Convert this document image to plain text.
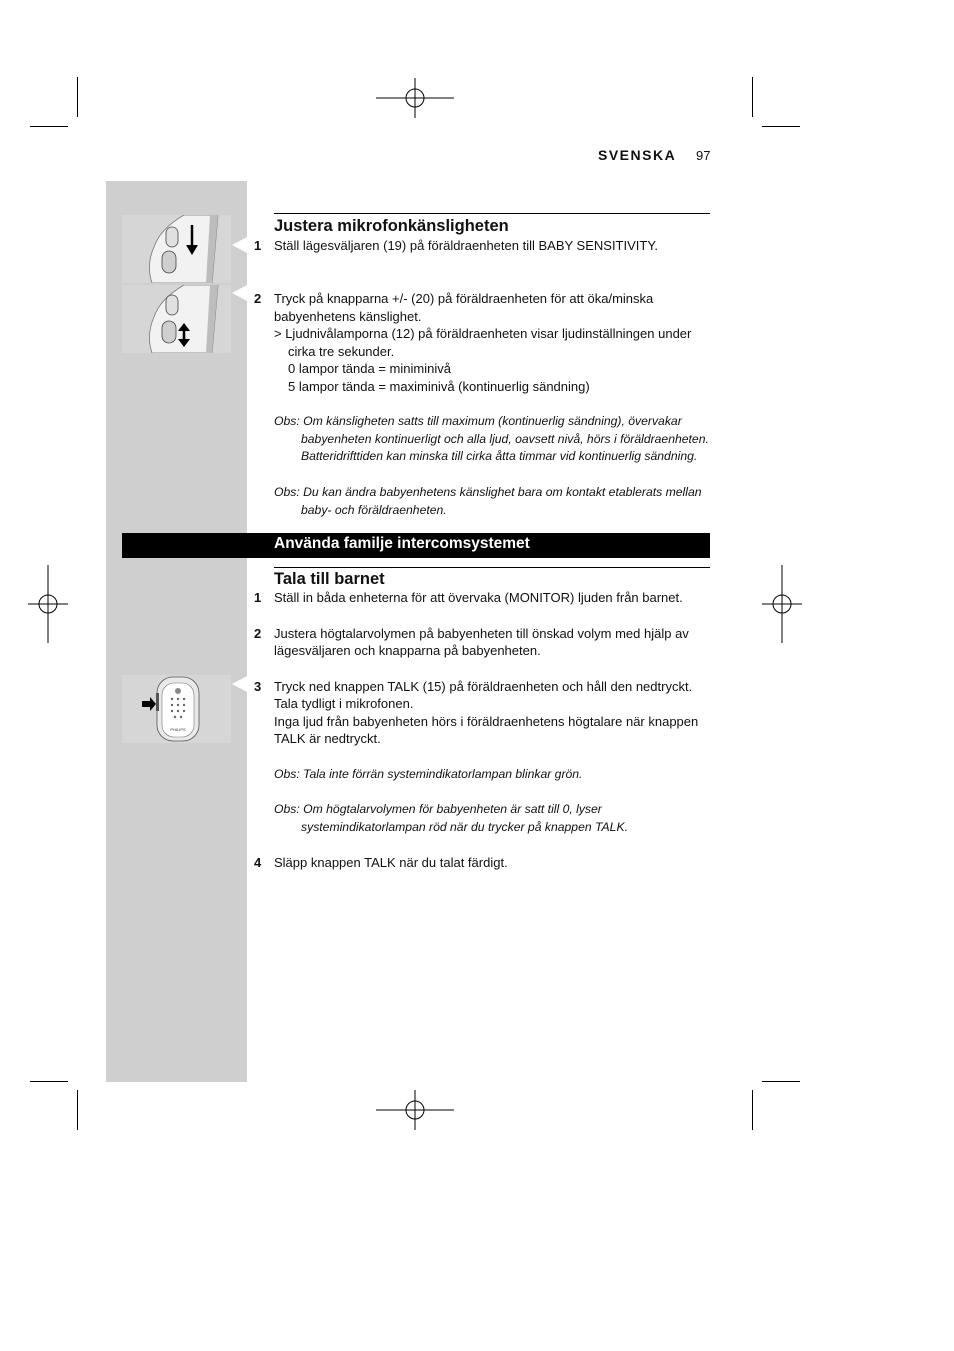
SVENSKA 97
PHILIPS
Justera mikrofonkänsligheten
1 Ställ lägesväljaren (19) på föräldraenheten till BABY SENSITIVITY.
2 Tryck på knapparna +/- (20) på föräldraenheten för att öka/minska babyenhetens känslighet.
> Ljudnivålamporna (12) på föräldraenheten visar ljudinställningen under
cirka tre sekunder.
0 lampor tända = miniminivå
5 lampor tända = maximinivå (kontinuerlig sändning)
Obs: Om känsligheten satts till maximum (kontinuerlig sändning), övervakar
babyenheten kontinuerligt och alla ljud, oavsett nivå, hörs i föräldraenheten.
Batteridrifttiden kan minska till cirka åtta timmar vid kontinuerlig sändning.
Obs: Du kan ändra babyenhetens känslighet bara om kontakt etablerats mellan
baby- och föräldraenheten.
Använda familje intercomsystemet
Tala till barnet
1 Ställ in båda enheterna för att övervaka (MONITOR) ljuden från barnet.
2 Justera högtalarvolymen på babyenheten till önskad volym med hjälp av
lägesväljaren och knapparna på babyenheten.
3 Tryck ned knappen TALK (15) på föräldraenheten och håll den nedtryckt.
Tala tydligt i mikrofonen.
Inga ljud från babyenheten hörs i föräldraenhetens högtalare när knappen
TALK är nedtryckt.
Obs: Tala inte förrän systemindikatorlampan blinkar grön.
Obs: Om högtalarvolymen för babyenheten är satt till 0, lyser
systemindikatorlampan röd när du trycker på knappen TALK.
4 Släpp knappen TALK när du talat färdigt.
